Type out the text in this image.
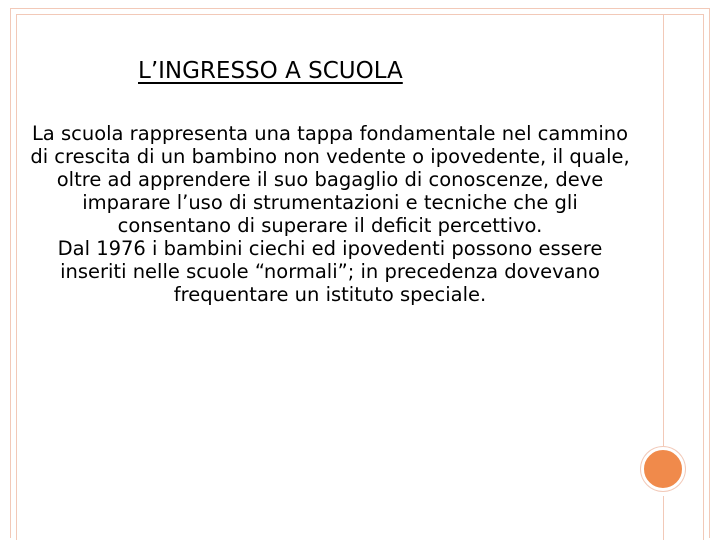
L’INGRESSO A SCUOLA

La scuola rappresenta una tappa fondamentale nel cammino di crescita di un bambino non vedente o ipovedente, il quale, oltre ad apprendere il suo bagaglio di conoscenze, deve imparare l’uso di strumentazioni e tecniche che gli consentano di superare il deficit percettivo.

Dal 1976 i bambini ciechi ed ipovedenti possono essere inseriti nelle scuole “normali”; in precedenza dovevano frequentare un istituto speciale.
